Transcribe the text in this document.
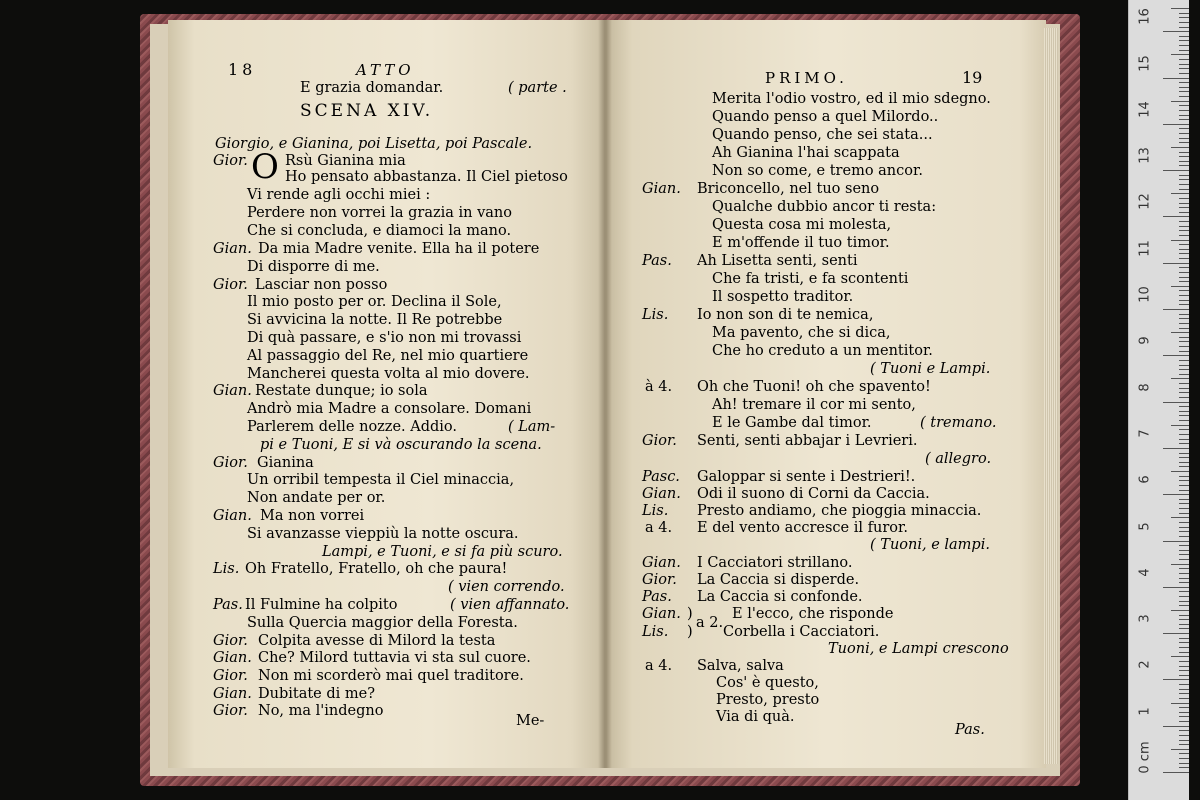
18	ATTO	PRIMO.	19
O
E grazia domandar.	( parte .
SCENA XIV.
Giorgio, e Gianina, poi Lisetta, poi Pascale.
Gior.	Rsù Gianina mia
Ho pensato abbastanza. Il Ciel pietoso
Vi rende agli occhi miei :
Perdere non vorrei la grazia in vano
Che si concluda, e diamoci la mano.
Gian. Da mia Madre venite. Ella ha il potere
Di disporre di me.
Gior. Lasciar non posso
Il mio posto per or. Declina il Sole,
Si avvicina la notte. Il Re potrebbe
Di quà passare, e s'io non mi trovassi
Al passaggio del Re, nel mio quartiere
Mancherei questa volta al mio dovere.
Gian. Restate dunque; io sola
Andrò mia Madre a consolare. Domani
Parlerem delle nozze. Addio.	( Lam-
pi e Tuoni, E si và oscurando la scena.
Gior. Gianina
Un orribil tempesta il Ciel minaccia,
Non andate per or.
Gian. Ma non vorrei
Si avanzasse vieppiù la notte oscura.
Lampi, e Tuoni, e si fa più scuro.
Lis. Oh Fratello, Fratello, oh che paura!
( vien correndo.
Pas. Il Fulmine ha colpito	( vien affannato.
Sulla Quercia maggior della Foresta.
Gior. Colpita avesse di Milord la testa
Gian. Che? Milord tuttavia vi sta sul cuore.
Gior. Non mi scorderò mai quel traditore.
Gian. Dubitate di me?
Gior. No, ma l'indegno
Me-
Merita l'odio vostro, ed il mio sdegno.
Quando penso a quel Milordo..
Quando penso, che sei stata...
Ah Gianina l'hai scappata
Non so come, e tremo ancor.
Gian. Briconcello, nel tuo seno
Qualche dubbio ancor ti resta:
Questa cosa mi molesta,
E m'offende il tuo timor.
Pas. Ah Lisetta senti, senti
Che fa tristi, e fa scontenti
Il sospetto traditor.
Lis. Io non son di te nemica,
Ma pavento, che si dica,
Che ho creduto a un mentitor.
( Tuoni e Lampi.
à 4. Oh che Tuoni! oh che spavento!
Ah! tremare il cor mi sento,
E le Gambe dal timor.	( tremano.
Gior. Senti, senti abbajar i Levrieri.
( allegro.
Pasc. Galoppar si sente i Destrieri!.
Gian. Odi il suono di Corni da Caccia.
Lis. Presto andiamo, che pioggia minaccia.
a 4. E del vento accresce il furor.
( Tuoni, e lampi.
Gian. I Cacciatori strillano.
Gior. La Caccia si disperde.
Pas. La Caccia si confonde.
Gian. )	E l'ecco, che risponde
Lis. ) Corbella i Cacciatori.
a 2.
Tuoni, e Lampi crescono
a 4. Salva, salva
Cos' è questo,
Presto, presto
Via di quà.
Pas.
0 cm
1
2
3
4
5
6
7
8
9
10
11
12
13
14
15
16
